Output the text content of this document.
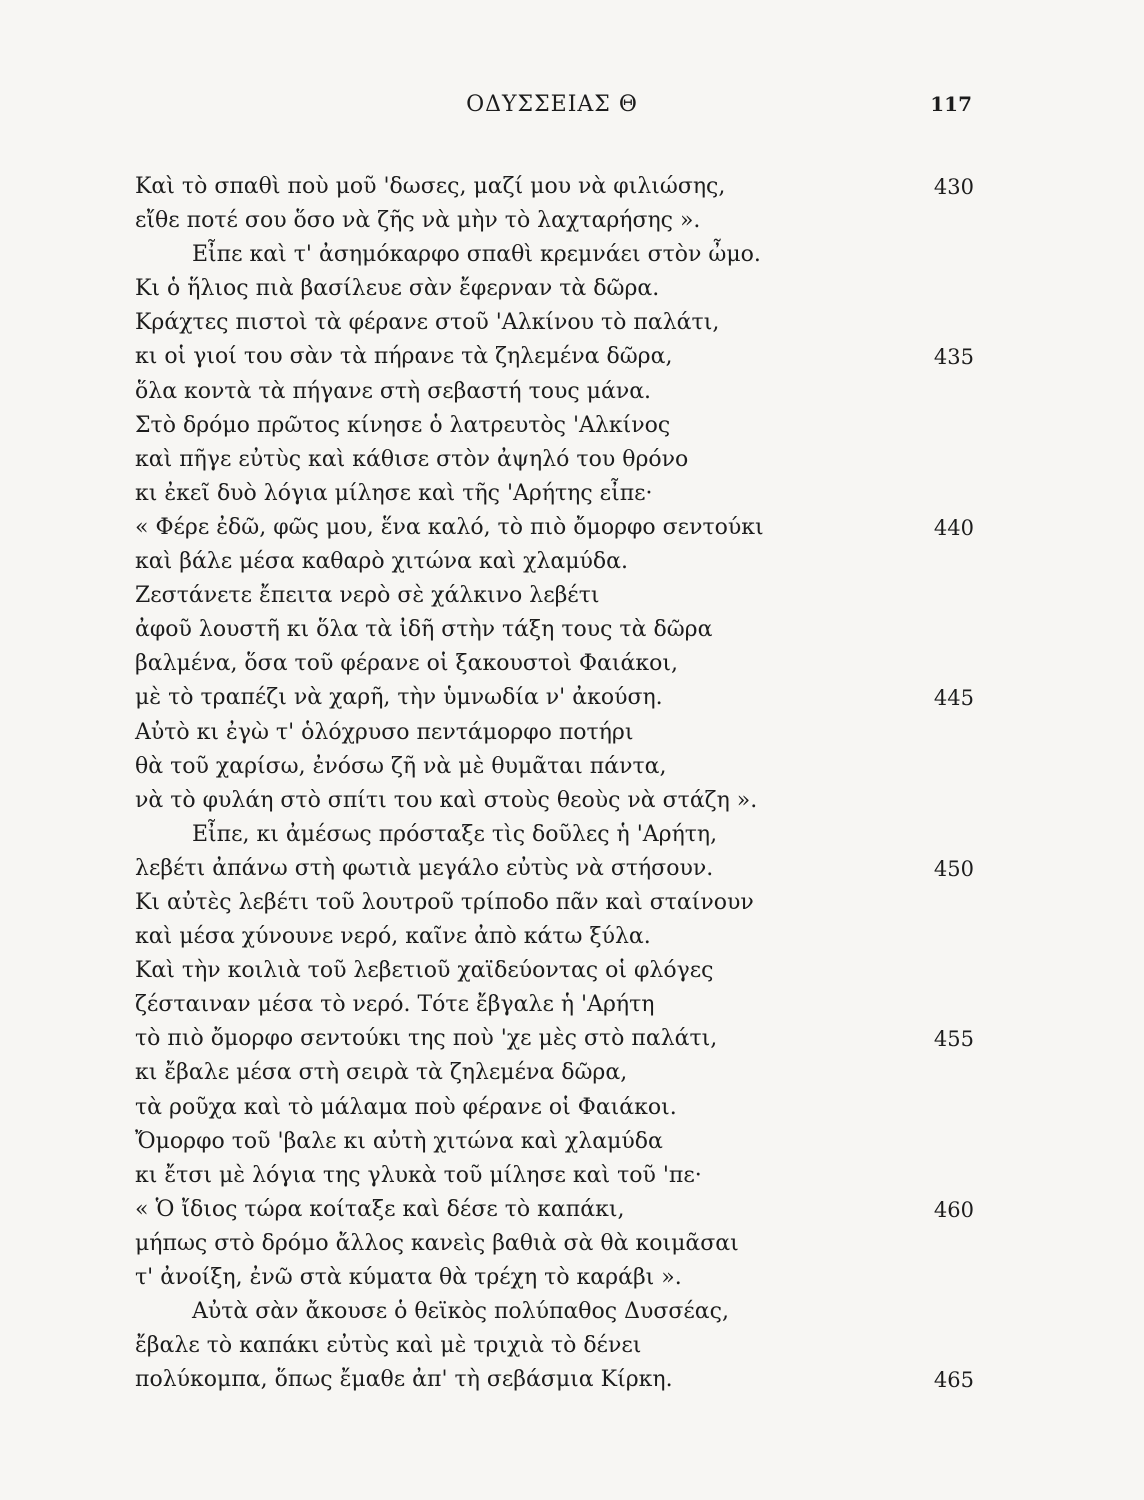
ΟΔΥΣΣΕΙΑΣ Θ	117
Καὶ τὸ σπαθὶ ποὺ μοῦ 'δωσες, μαζί μου νὰ φιλιώσης,	430
εἴθε ποτέ σου ὅσο νὰ ζῆς νὰ μὴν τὸ λαχταρήσης ».
Εἶπε καὶ τ' ἀσημόκαρφο σπαθὶ κρεμνάει στὸν ὦμο.
Κι ὁ ἥλιος πιὰ βασίλευε σὰν ἔφερναν τὰ δῶρα.
Κράχτες πιστοὶ τὰ φέρανε στοῦ 'Αλκίνου τὸ παλάτι,
κι οἱ γιοί του σὰν τὰ πήρανε τὰ ζηλεμένα δῶρα,	435
ὅλα κοντὰ τὰ πήγανε στὴ σεβαστή τους μάνα.
Στὸ δρόμο πρῶτος κίνησε ὁ λατρευτὸς 'Αλκίνος
καὶ πῆγε εὐτὺς καὶ κάθισε στὸν ἀψηλό του θρόνο
κι ἐκεῖ δυὸ λόγια μίλησε καὶ τῆς 'Αρήτης εἶπε·
« Φέρε ἐδῶ, φῶς μου, ἕνα καλό, τὸ πιὸ ὄμορφο σεντούκι	440
καὶ βάλε μέσα καθαρὸ χιτώνα καὶ χλαμύδα.
Ζεστάνετε ἔπειτα νερὸ σὲ χάλκινο λεβέτι
ἀφοῦ λουστῆ κι ὅλα τὰ ἰδῆ στὴν τάξη τους τὰ δῶρα
βαλμένα, ὅσα τοῦ φέρανε οἱ ξακουστοὶ Φαιάκοι,
μὲ τὸ τραπέζι νὰ χαρῆ, τὴν ὑμνωδία ν' ἀκούση.	445
Αὐτὸ κι ἐγὼ τ' ὁλόχρυσο πεντάμορφο ποτήρι
θὰ τοῦ χαρίσω, ἐνόσω ζῆ νὰ μὲ θυμᾶται πάντα,
νὰ τὸ φυλάη στὸ σπίτι του καὶ στοὺς θεοὺς νὰ στάζη ».
Εἶπε, κι ἀμέσως πρόσταξε τὶς δοῦλες ἡ 'Αρήτη,
λεβέτι ἀπάνω στὴ φωτιὰ μεγάλο εὐτὺς νὰ στήσουν.	450
Κι αὐτὲς λεβέτι τοῦ λουτροῦ τρίποδο πᾶν καὶ σταίνουν
καὶ μέσα χύνουνε νερό, καῖνε ἀπὸ κάτω ξύλα.
Καὶ τὴν κοιλιὰ τοῦ λεβετιοῦ χαϊδεύοντας οἱ φλόγες
ζέσταιναν μέσα τὸ νερό. Τότε ἔβγαλε ἡ 'Αρήτη
τὸ πιὸ ὄμορφο σεντούκι της ποὺ 'χε μὲς στὸ παλάτι,	455
κι ἔβαλε μέσα στὴ σειρὰ τὰ ζηλεμένα δῶρα,
τὰ ροῦχα καὶ τὸ μάλαμα ποὺ φέρανε οἱ Φαιάκοι.
Ὄμορφο τοῦ 'βαλε κι αὐτὴ χιτώνα καὶ χλαμύδα
κι ἔτσι μὲ λόγια της γλυκὰ τοῦ μίλησε καὶ τοῦ 'πε·
« Ὁ ἴδιος τώρα κοίταξε καὶ δέσε τὸ καπάκι,	460
μήπως στὸ δρόμο ἄλλος κανεὶς βαθιὰ σὰ θὰ κοιμᾶσαι
τ' ἀνοίξη, ἐνῶ στὰ κύματα θὰ τρέχη τὸ καράβι ».
Αὐτὰ σὰν ἄκουσε ὁ θεϊκὸς πολύπαθος Δυσσέας,
ἔβαλε τὸ καπάκι εὐτὺς καὶ μὲ τριχιὰ τὸ δένει
πολύκομπα, ὅπως ἔμαθε ἀπ' τὴ σεβάσμια Κίρκη.	465
